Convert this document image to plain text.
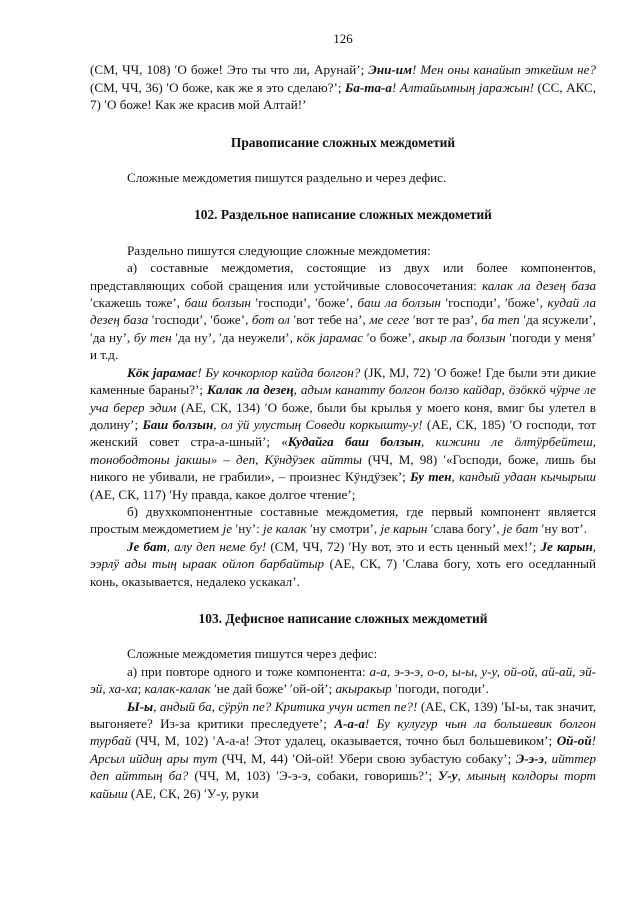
126

(СМ, ЧЧ, 108) ʹО боже! Это ты что ли, Арунай’; Эни-им! Мен оны канайып эткейим не? (СМ, ЧЧ, 36) ʹО боже, как же я это сделаю?’; Ба-та-а! Алтайымның јаражын! (СС, АКС, 7) ʹО боже! Как же красив мой Алтай!’

Правописание сложных междометий

Сложные междометия пишутся раздельно и через дефис.

102. Раздельное написание сложных междометий

Раздельно пишутся следующие сложные междометия:

а) составные междометия, состоящие из двух или более компонентов, представляющих собой сращения или устойчивые словосочетания: калак ла дезең база ʹскажешь тоже’, баш болзын ʹгосподи’, ʹбоже’, баш ла болзын ʹгосподи’, ʹбоже’, кудай ла дезең база ʹгосподи’, ʹбоже’, бот ол ʹвот тебе на’, ме сеге ʹвот те раз’, ба теп ʹда ясужели’, ʹда ну’, бу тен ʹда ну’, ʹда неужели’, кӧк јарамас ʹо боже’, акыр ла болзын ʹпогоди у меня’ и т.д.

Кӧк јарамас! Бу кочкорлор кайда болгон? (ЈК, МЈ, 72) ʹО боже! Где были эти дикие каменные бараны?’; Калак ла дезең, адым канатту болгон болзо кайдар, ӧзӧккӧ чӱрче ле уча берер эдим (АЕ, СК, 134) ʹО боже, были бы крылья у моего коня, вмиг бы улетел в долину’; Баш болзын, ол ӱй улустың Соведи коркышту-у! (АЕ, СК, 185) ʹО господи, тот женский совет стра-а-шный’; «Кудайга баш болзын, кижини ле ӧлтӱрбейтеш, тонободтоны јакшы» – деп, Кӱндӱзек айтты (ЧЧ, М, 98) ʹ«Господи, боже, лишь бы никого не убивали, не грабили», – произнес Кӱндӱзек’; Бу тен, кандый удаан кычырыш (АЕ, СК, 117) ʹНу правда, какое долгое чтение’;

б) двухкомпонентные составные междометия, где первый компонент является простым междометием је ʹну’: је калак ʹну смотри’, је карын ʹслава богу’, је бат ʹну вот’.

Је бат, алу деп неме бу! (СМ, ЧЧ, 72) ʹНу вот, это и есть ценный мех!’; Је карын, ээрлӱ ады тың ыраак ойлоп барбайтыр (АЕ, СК, 7) ʹСлава богу, хоть его оседланный конь, оказывается, недалеко ускакал’.

103. Дефисное написание сложных междометий

Сложные междометия пишутся через дефис:

а) при повторе одного и тоже компонента: а-а, э-э-э, о-о, ы-ы, у-у, ой-ой, ай-ай, эй-эй, ха-ха; калак-калак ʹне дай боже’ ʹой-ой’; акыракыр ʹпогоди, погоди’.

Ы-ы, андый ба, сӱрӱп пе? Критика учун истеп пе?! (АЕ, СК, 139) ʹЫ-ы, так значит, выгоняете? Из-за критики преследуете’; А-а-а! Бу кулугур чын ла большевик болгон турбай (ЧЧ, М, 102) ʹА-а-а! Этот удалец, оказывается, точно был большевиком’; Ой-ой! Арсыл ийдиң ары тут (ЧЧ, М, 44) ʹОй-ой! Убери свою зубастую собаку’; Э-э-э, ийттер деп айттың ба? (ЧЧ, М, 103) ʹЭ-э-э, собаки, говоришь?’; У-у, мының колдоры торт кайыш (АЕ, СК, 26) ʹУ-у, руки
